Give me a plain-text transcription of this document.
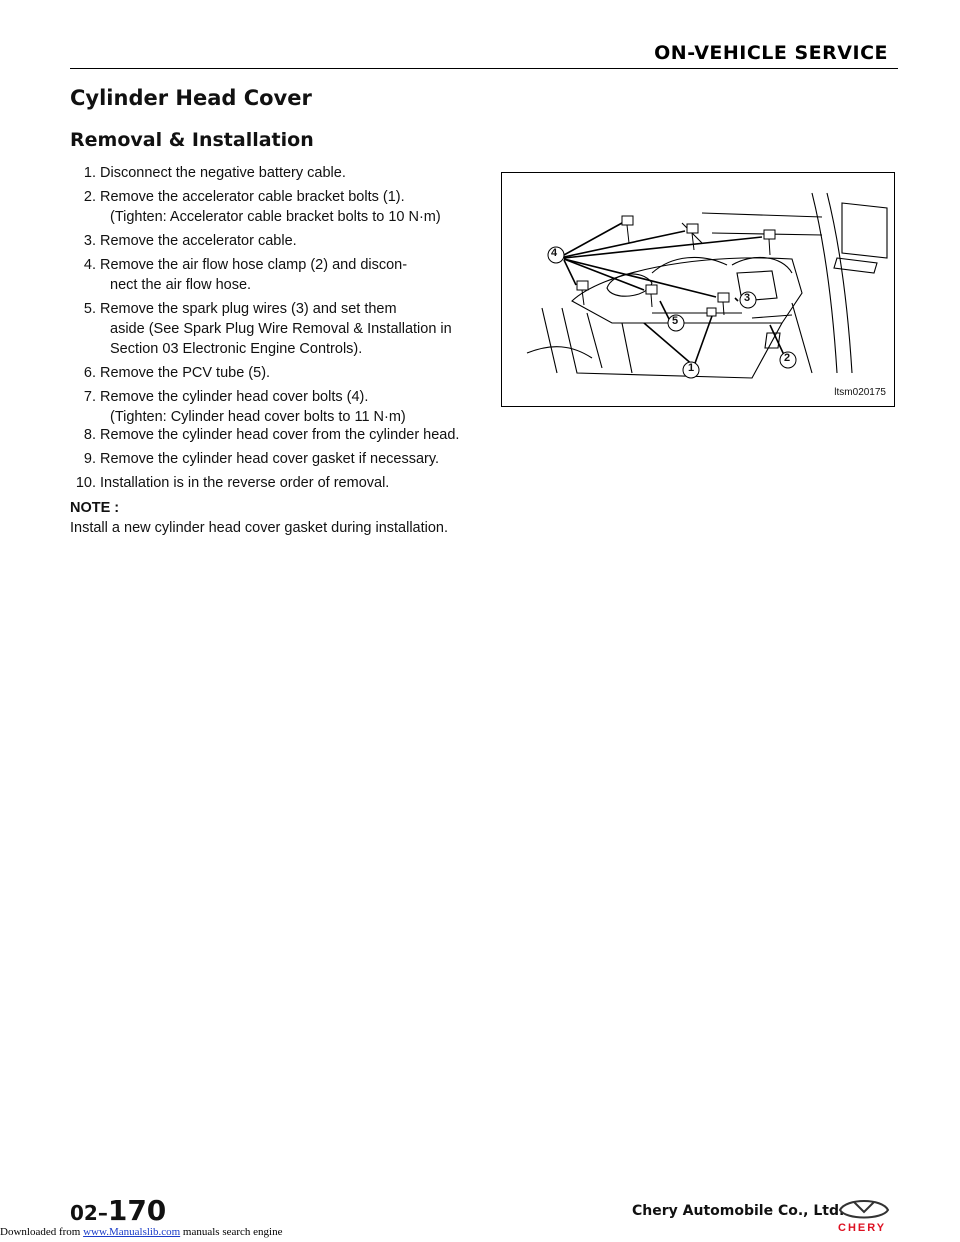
ON-VEHICLE SERVICE
Cylinder Head Cover
Removal & Installation
1. Disconnect the negative battery cable.
2. Remove the accelerator cable bracket bolts (1).
(Tighten: Accelerator cable bracket bolts to 10 N·m)
3. Remove the accelerator cable.
4. Remove the air flow hose clamp (2) and discon-
nect the air flow hose.
5. Remove the spark plug wires (3) and set them
aside (See Spark Plug Wire Removal & Installation in Section 03 Electronic Engine Controls).
6. Remove the PCV tube (5).
7. Remove the cylinder head cover bolts (4).
(Tighten: Cylinder head cover bolts to 11 N·m)
8. Remove the cylinder head cover from the cylinder head.
9. Remove the cylinder head cover gasket if necessary.
10. Installation is in the reverse order of removal.
NOTE :
Install a new cylinder head cover gasket during installation.
4
3
5
1
2
ltsm020175
02–170	Chery Automobile Co., Ltd.
CHERY
Downloaded from www.Manualslib.com manuals search engine
